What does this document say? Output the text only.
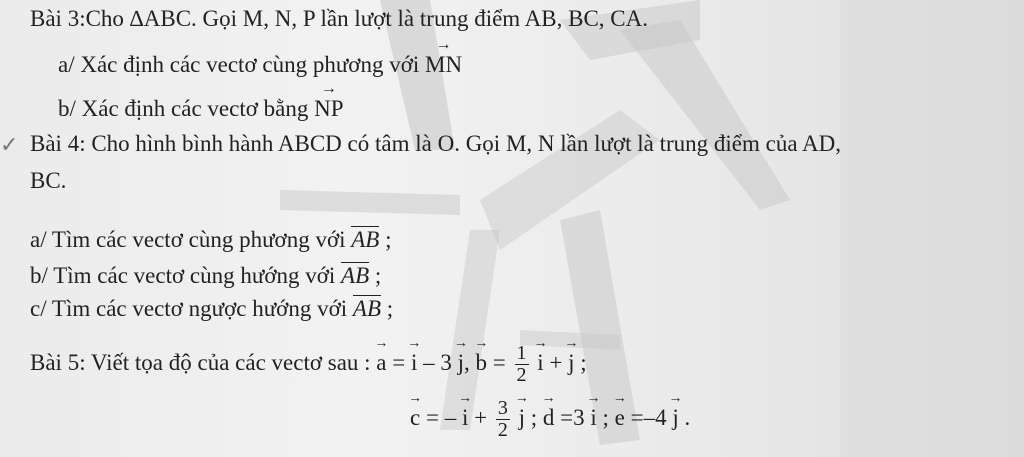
✓
Bài 3:Cho ∆ABC. Gọi M, N, P lần lượt là trung điểm AB, BC, CA.
a/ Xác định các vectơ cùng phương với
→
MN
b/ Xác định các vectơ bằng
→
NP
Bài 4: Cho hình bình hành ABCD có tâm là O. Gọi M, N lần lượt là trung điểm của AD,
BC.
a/ Tìm các vectơ cùng phương với AB ;
b/ Tìm các vectơ cùng hướng với AB ;
c/ Tìm các vectơ ngược hướng với AB ;
Bài 5: Viết tọa độ của các vectơ sau :
→
a =
→
i – 3
→
j,
→
$b = \frac{1}{2}$
→
i +
→
j ;
→
c = –
→
$i + \frac{3}{2}$
→
j ;
→
d =3
→
i ;
→
e =–4
→
j .
